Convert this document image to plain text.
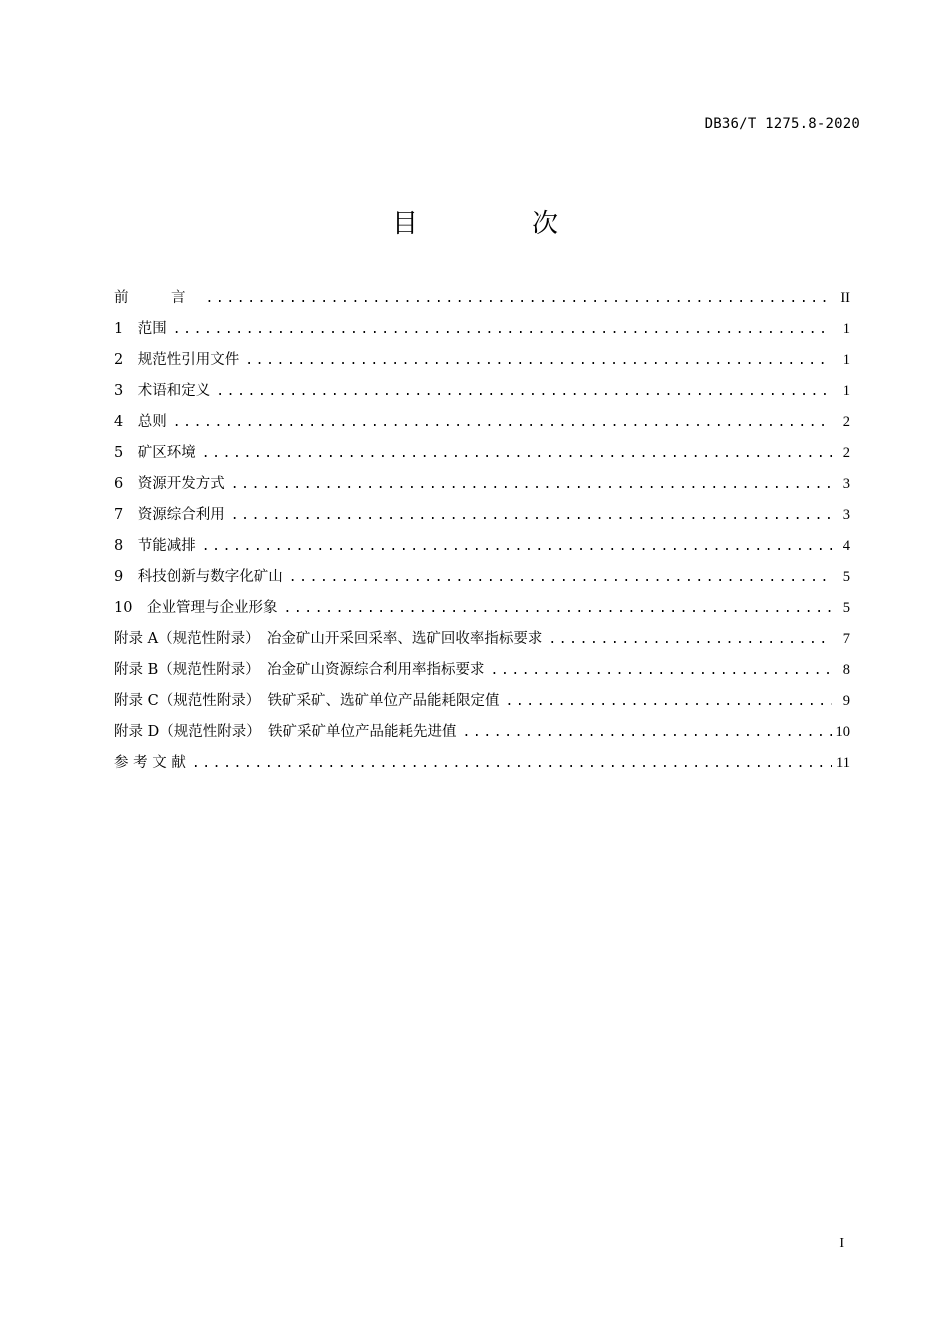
DB36/T 1275.8-2020
目　次
前　言 .....	II
1　范围 .....	1
2　规范性引用文件 .....	1
3　术语和定义 .....	1
4　总则 .....	2
5　矿区环境 .....	2
6　资源开发方式 .....	3
7　资源综合利用 .....	3
8　节能减排 .....	4
9　科技创新与数字化矿山 .....	5
10　企业管理与企业形象 .....	5
附录 A（规范性附录）　冶金矿山开采回采率、选矿回收率指标要求 .....	7
附录 B（规范性附录）　冶金矿山资源综合利用率指标要求 .....	8
附录 C（规范性附录）　铁矿采矿、选矿单位产品能耗限定值 .....	9
附录 D（规范性附录）　铁矿采矿单位产品能耗先进值 .....	10
参 考 文 献 .....	11
I
